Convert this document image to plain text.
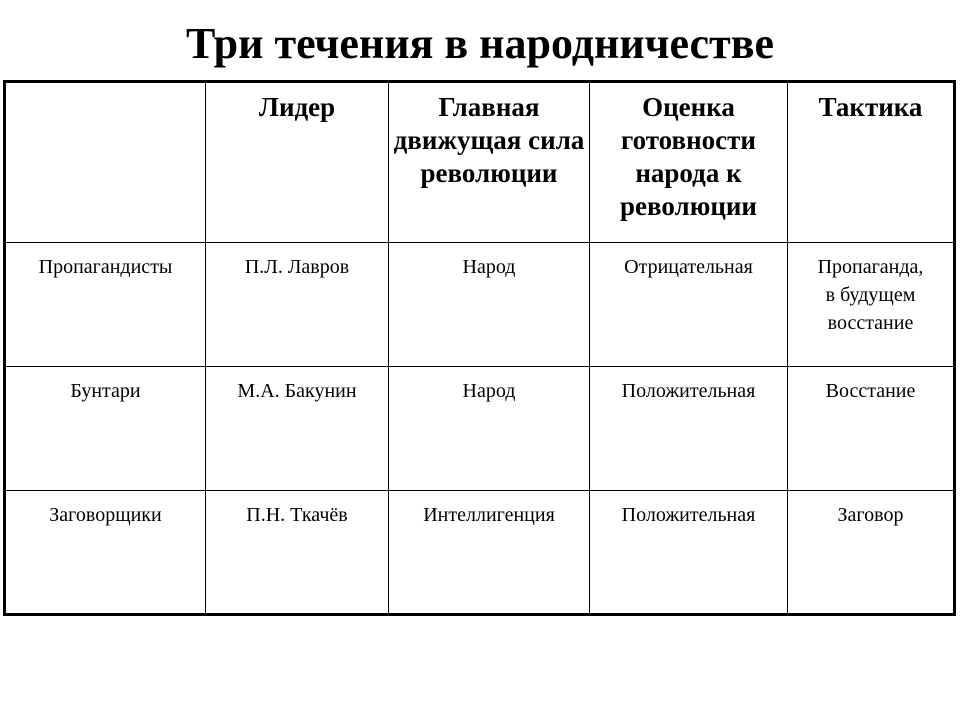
Три течения в народничестве
	Лидер	Главная движущая сила революции	Оценка готовности народа к революции	Тактика
Пропагандисты	П.Л. Лавров	Народ	Отрицательная	Пропаганда,
в будущем восстание

Бунтари	М.А. Бакунин	Народ	Положительная	Восстание

Заговорщики	П.Н. Ткачёв	Интеллигенция	Положительная	Заговор
